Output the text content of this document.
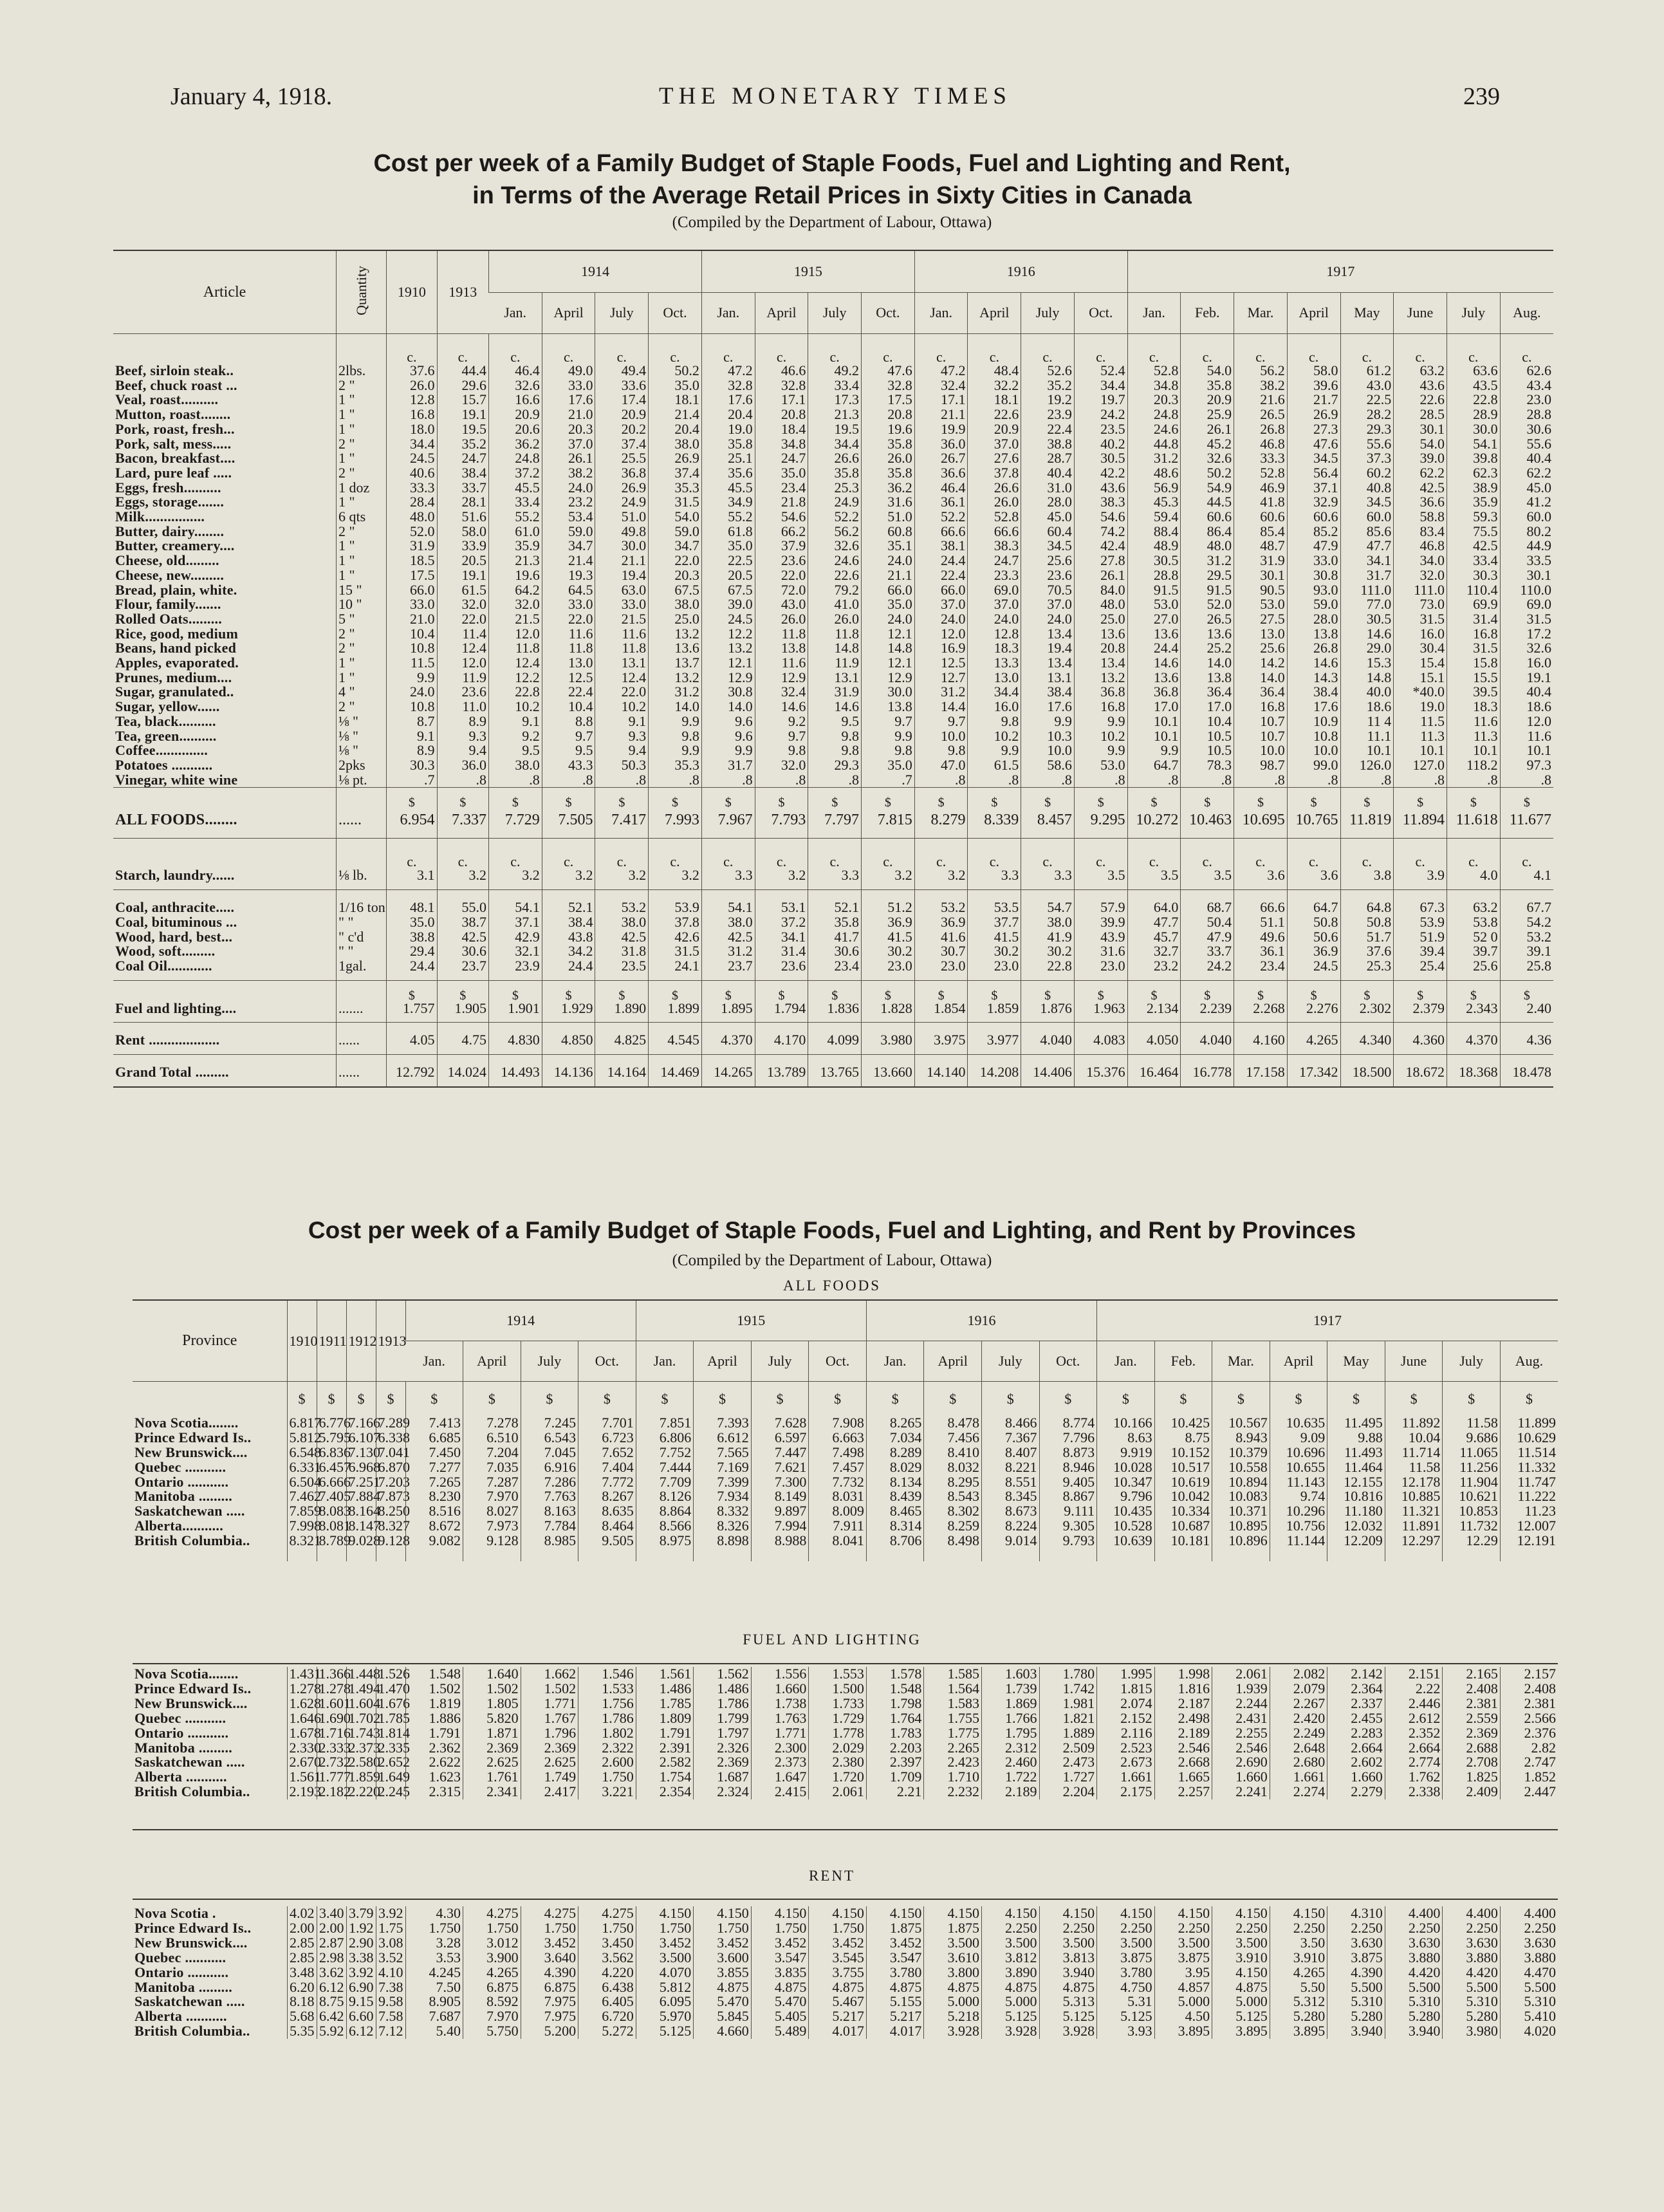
January 4, 1918.	THE MONETARY TIMES	239
Cost per week of a Family Budget of Staple Foods, Fuel and Lighting and Rent,
in Terms of the Average Retail Prices in Sixty Cities in Canada
(Compiled by the Department of Labour, Ottawa)
Article	Quantity	1910	1913	1914				1915				1916				1917							
				Jan.	April	July	Oct.	Jan.	April	July	Oct.	Jan.	April	July	Oct.	Jan.	Feb.	Mar.	April	May	June	July	Aug.
		c.	c.	c.	c.	c.	c.	c.	c.	c.	c.	c.	c.	c.	c.	c.	c.	c.	c.	c.	c.	c.	c.
Beef, sirloin steak..	2lbs.	37.6	44.4	46.4	49.0	49.4	50.2	47.2	46.6	49.2	47.6	47.2	48.4	52.6	52.4	52.8	54.0	56.2	58.0	61.2	63.2	63.6	62.6
Beef, chuck roast ...	2 "	26.0	29.6	32.6	33.0	33.6	35.0	32.8	32.8	33.4	32.8	32.4	32.2	35.2	34.4	34.8	35.8	38.2	39.6	43.0	43.6	43.5	43.4
Veal, roast..........	1 "	12.8	15.7	16.6	17.6	17.4	18.1	17.6	17.1	17.3	17.5	17.1	18.1	19.2	19.7	20.3	20.9	21.6	21.7	22.5	22.6	22.8	23.0
Mutton, roast........	1 "	16.8	19.1	20.9	21.0	20.9	21.4	20.4	20.8	21.3	20.8	21.1	22.6	23.9	24.2	24.8	25.9	26.5	26.9	28.2	28.5	28.9	28.8
Pork, roast, fresh...	1 "	18.0	19.5	20.6	20.3	20.2	20.4	19.0	18.4	19.5	19.6	19.9	20.9	22.4	23.5	24.6	26.1	26.8	27.3	29.3	30.1	30.0	30.6
Pork, salt, mess.....	2 "	34.4	35.2	36.2	37.0	37.4	38.0	35.8	34.8	34.4	35.8	36.0	37.0	38.8	40.2	44.8	45.2	46.8	47.6	55.6	54.0	54.1	55.6
Bacon, breakfast....	1 "	24.5	24.7	24.8	26.1	25.5	26.9	25.1	24.7	26.6	26.0	26.7	27.6	28.7	30.5	31.2	32.6	33.3	34.5	37.3	39.0	39.8	40.4
Lard, pure leaf .....	2 "	40.6	38.4	37.2	38.2	36.8	37.4	35.6	35.0	35.8	35.8	36.6	37.8	40.4	42.2	48.6	50.2	52.8	56.4	60.2	62.2	62.3	62.2
Eggs, fresh..........	1 doz	33.3	33.7	45.5	24.0	26.9	35.3	45.5	23.4	25.3	36.2	46.4	26.6	31.0	43.6	56.9	54.9	46.9	37.1	40.8	42.5	38.9	45.0
Eggs, storage.......	1 "	28.4	28.1	33.4	23.2	24.9	31.5	34.9	21.8	24.9	31.6	36.1	26.0	28.0	38.3	45.3	44.5	41.8	32.9	34.5	36.6	35.9	41.2
Milk................	6 qts	48.0	51.6	55.2	53.4	51.0	54.0	55.2	54.6	52.2	51.0	52.2	52.8	45.0	54.6	59.4	60.6	60.6	60.6	60.0	58.8	59.3	60.0
Butter, dairy........	2 "	52.0	58.0	61.0	59.0	49.8	59.0	61.8	66.2	56.2	60.8	66.6	66.6	60.4	74.2	88.4	86.4	85.4	85.2	85.6	83.4	75.5	80.2
Butter, creamery....	1 "	31.9	33.9	35.9	34.7	30.0	34.7	35.0	37.9	32.6	35.1	38.1	38.3	34.5	42.4	48.9	48.0	48.7	47.9	47.7	46.8	42.5	44.9
Cheese, old.........	1 "	18.5	20.5	21.3	21.4	21.1	22.0	22.5	23.6	24.6	24.0	24.4	24.7	25.6	27.8	30.5	31.2	31.9	33.0	34.1	34.0	33.4	33.5
Cheese, new.........	1 "	17.5	19.1	19.6	19.3	19.4	20.3	20.5	22.0	22.6	21.1	22.4	23.3	23.6	26.1	28.8	29.5	30.1	30.8	31.7	32.0	30.3	30.1
Bread, plain, white.	15 "	66.0	61.5	64.2	64.5	63.0	67.5	67.5	72.0	79.2	66.0	66.0	69.0	70.5	84.0	91.5	91.5	90.5	93.0	111.0	111.0	110.4	110.0
Flour, family.......	10 "	33.0	32.0	32.0	33.0	33.0	38.0	39.0	43.0	41.0	35.0	37.0	37.0	37.0	48.0	53.0	52.0	53.0	59.0	77.0	73.0	69.9	69.0
Rolled Oats.........	5 "	21.0	22.0	21.5	22.0	21.5	25.0	24.5	26.0	26.0	24.0	24.0	24.0	24.0	25.0	27.0	26.5	27.5	28.0	30.5	31.5	31.4	31.5
Rice, good, medium	2 "	10.4	11.4	12.0	11.6	11.6	13.2	12.2	11.8	11.8	12.1	12.0	12.8	13.4	13.6	13.6	13.6	13.0	13.8	14.6	16.0	16.8	17.2
Beans, hand picked	2 "	10.8	12.4	11.8	11.8	11.8	13.6	13.2	13.8	14.8	14.8	16.9	18.3	19.4	20.8	24.4	25.2	25.6	26.8	29.0	30.4	31.5	32.6
Apples, evaporated.	1 "	11.5	12.0	12.4	13.0	13.1	13.7	12.1	11.6	11.9	12.1	12.5	13.3	13.4	13.4	14.6	14.0	14.2	14.6	15.3	15.4	15.8	16.0
Prunes, medium....	1 "	9.9	11.9	12.2	12.5	12.4	13.2	12.9	12.9	13.1	12.9	12.7	13.0	13.1	13.2	13.6	13.8	14.0	14.3	14.8	15.1	15.5	19.1
Sugar, granulated..	4 "	24.0	23.6	22.8	22.4	22.0	31.2	30.8	32.4	31.9	30.0	31.2	34.4	38.4	36.8	36.8	36.4	36.4	38.4	40.0	*40.0	39.5	40.4
Sugar, yellow......	2 "	10.8	11.0	10.2	10.4	10.2	14.0	14.0	14.6	14.6	13.8	14.4	16.0	17.6	16.8	17.0	17.0	16.8	17.6	18.6	19.0	18.3	18.6
Tea, black..........	⅛ "	8.7	8.9	9.1	8.8	9.1	9.9	9.6	9.2	9.5	9.7	9.7	9.8	9.9	9.9	10.1	10.4	10.7	10.9	11 4	11.5	11.6	12.0
Tea, green..........	⅛ "	9.1	9.3	9.2	9.7	9.3	9.8	9.6	9.7	9.8	9.9	10.0	10.2	10.3	10.2	10.1	10.5	10.7	10.8	11.1	11.3	11.3	11.6
Coffee..............	⅛ "	8.9	9.4	9.5	9.5	9.4	9.9	9.9	9.8	9.8	9.8	9.8	9.9	10.0	9.9	9.9	10.5	10.0	10.0	10.1	10.1	10.1	10.1
Potatoes ...........	2pks	30.3	36.0	38.0	43.3	50.3	35.3	31.7	32.0	29.3	35.0	47.0	61.5	58.6	53.0	64.7	78.3	98.7	99.0	126.0	127.0	118.2	97.3
Vinegar, white wine	⅛ pt.	.7	.8	.8	.8	.8	.8	.8	.8	.8	.7	.8	.8	.8	.8	.8	.8	.8	.8	.8	.8	.8	.8
		$	$	$	$	$	$	$	$	$	$	$	$	$	$	$	$	$	$	$	$	$	$
ALL FOODS........	......	6.954	7.337	7.729	7.505	7.417	7.993	7.967	7.793	7.797	7.815	8.279	8.339	8.457	9.295	10.272	10.463	10.695	10.765	11.819	11.894	11.618	11.677
		c.	c.	c.	c.	c.	c.	c.	c.	c.	c.	c.	c.	c.	c.	c.	c.	c.	c.	c.	c.	c.	c.
Starch, laundry......	⅛ lb.	3.1	3.2	3.2	3.2	3.2	3.2	3.3	3.2	3.3	3.2	3.2	3.3	3.3	3.5	3.5	3.5	3.6	3.6	3.8	3.9	4.0	4.1
Coal, anthracite.....	1/16 ton	48.1	55.0	54.1	52.1	53.2	53.9	54.1	53.1	52.1	51.2	53.2	53.5	54.7	57.9	64.0	68.7	66.6	64.7	64.8	67.3	63.2	67.7
Coal, bituminous ...	" "	35.0	38.7	37.1	38.4	38.0	37.8	38.0	37.2	35.8	36.9	36.9	37.7	38.0	39.9	47.7	50.4	51.1	50.8	50.8	53.9	53.8	54.2
Wood, hard, best...	" c'd	38.8	42.5	42.9	43.8	42.5	42.6	42.5	34.1	41.7	41.5	41.6	41.5	41.9	43.9	45.7	47.9	49.6	50.6	51.7	51.9	52 0	53.2
Wood, soft.........	" "	29.4	30.6	32.1	34.2	31.8	31.5	31.2	31.4	30.6	30.2	30.7	30.2	30.2	31.6	32.7	33.7	36.1	36.9	37.6	39.4	39.7	39.1
Coal Oil............	1gal.	24.4	23.7	23.9	24.4	23.5	24.1	23.7	23.6	23.4	23.0	23.0	23.0	22.8	23.0	23.2	24.2	23.4	24.5	25.3	25.4	25.6	25.8
		$	$	$	$	$	$	$	$	$	$	$	$	$	$	$	$	$	$	$	$	$	$
Fuel and lighting....	.......	1.757	1.905	1.901	1.929	1.890	1.899	1.895	1.794	1.836	1.828	1.854	1.859	1.876	1.963	2.134	2.239	2.268	2.276	2.302	2.379	2.343	2.40
Rent ...................	......	4.05	4.75	4.830	4.850	4.825	4.545	4.370	4.170	4.099	3.980	3.975	3.977	4.040	4.083	4.050	4.040	4.160	4.265	4.340	4.360	4.370	4.36
Grand Total .........	......	12.792	14.024	14.493	14.136	14.164	14.469	14.265	13.789	13.765	13.660	14.140	14.208	14.406	15.376	16.464	16.778	17.158	17.342	18.500	18.672	18.368	18.478
Cost per week of a Family Budget of Staple Foods, Fuel and Lighting, and Rent by Provinces
(Compiled by the Department of Labour, Ottawa)
ALL FOODS
Province	1910	1911	1912	1913	1914				1915				1916				1917							
					Jan.	April	July	Oct.	Jan.	April	July	Oct.	Jan.	April	July	Oct.	Jan.	Feb.	Mar.	April	May	June	July	Aug.
	$	$	$	$	$	$	$	$	$	$	$	$	$	$	$	$	$	$	$	$	$	$	$	$
Nova Scotia........	6.817	6.776	7.166	7.289	7.413	7.278	7.245	7.701	7.851	7.393	7.628	7.908	8.265	8.478	8.466	8.774	10.166	10.425	10.567	10.635	11.495	11.892	11.58	11.899
Prince Edward Is..	5.812	5.795	6.107	6.338	6.685	6.510	6.543	6.723	6.806	6.612	6.597	6.663	7.034	7.456	7.367	7.796	8.63	8.75	8.943	9.09	9.88	10.04	9.686	10.629
New Brunswick....	6.548	6.836	7.130	7.041	7.450	7.204	7.045	7.652	7.752	7.565	7.447	7.498	8.289	8.410	8.407	8.873	9.919	10.152	10.379	10.696	11.493	11.714	11.065	11.514
Quebec ...........	6.331	6.457	6.968	6.870	7.277	7.035	6.916	7.404	7.444	7.169	7.621	7.457	8.029	8.032	8.221	8.946	10.028	10.517	10.558	10.655	11.464	11.58	11.256	11.332
Ontario ...........	6.504	6.666	7.251	7.203	7.265	7.287	7.286	7.772	7.709	7.399	7.300	7.732	8.134	8.295	8.551	9.405	10.347	10.619	10.894	11.143	12.155	12.178	11.904	11.747
Manitoba .........	7.462	7.405	7.884	7.873	8.230	7.970	7.763	8.267	8.126	7.934	8.149	8.031	8.439	8.543	8.345	8.867	9.796	10.042	10.083	9.74	10.816	10.885	10.621	11.222
Saskatchewan .....	7.859	8.083	8.164	8.250	8.516	8.027	8.163	8.635	8.864	8.332	9.897	8.009	8.465	8.302	8.673	9.111	10.435	10.334	10.371	10.296	11.180	11.321	10.853	11.23
Alberta...........	7.998	8.081	8.147	8.327	8.672	7.973	7.784	8.464	8.566	8.326	7.994	7.911	8.314	8.259	8.224	9.305	10.528	10.687	10.895	10.756	12.032	11.891	11.732	12.007
British Columbia..	8.321	8.789	9.028	9.128	9.082	9.128	8.985	9.505	8.975	8.898	8.988	8.041	8.706	8.498	9.014	9.793	10.639	10.181	10.896	11.144	12.209	12.297	12.29	12.191

FUEL AND LIGHTING
Nova Scotia........	1.431	1.366	1.448	1.526	1.548	1.640	1.662	1.546	1.561	1.562	1.556	1.553	1.578	1.585	1.603	1.780	1.995	1.998	2.061	2.082	2.142	2.151	2.165	2.157
Prince Edward Is..	1.278	1.278	1.494	1.470	1.502	1.502	1.502	1.533	1.486	1.486	1.660	1.500	1.548	1.564	1.739	1.742	1.815	1.816	1.939	2.079	2.364	2.22	2.408	2.408
New Brunswick....	1.628	1.601	1.604	1.676	1.819	1.805	1.771	1.756	1.785	1.786	1.738	1.733	1.798	1.583	1.869	1.981	2.074	2.187	2.244	2.267	2.337	2.446	2.381	2.381
Quebec ...........	1.646	1.690	1.702	1.785	1.886	5.820	1.767	1.786	1.809	1.799	1.763	1.729	1.764	1.755	1.766	1.821	2.152	2.498	2.431	2.420	2.455	2.612	2.559	2.566
Ontario ...........	1.678	1.716	1.743	1.814	1.791	1.871	1.796	1.802	1.791	1.797	1.771	1.778	1.783	1.775	1.795	1.889	2.116	2.189	2.255	2.249	2.283	2.352	2.369	2.376
Manitoba .........	2.330	2.333	2.373	2.335	2.362	2.369	2.369	2.322	2.391	2.326	2.300	2.029	2.203	2.265	2.312	2.509	2.523	2.546	2.546	2.648	2.664	2.664	2.688	2.82
Saskatchewan .....	2.670	2.732	2.580	2.652	2.622	2.625	2.625	2.600	2.582	2.369	2.373	2.380	2.397	2.423	2.460	2.473	2.673	2.668	2.690	2.680	2.602	2.774	2.708	2.747
Alberta ...........	1.561	1.777	1.859	1.649	1.623	1.761	1.749	1.750	1.754	1.687	1.647	1.720	1.709	1.710	1.722	1.727	1.661	1.665	1.660	1.661	1.660	1.762	1.825	1.852
British Columbia..	2.193	2.182	2.220	2.245	2.315	2.341	2.417	3.221	2.354	2.324	2.415	2.061	2.21	2.232	2.189	2.204	2.175	2.257	2.241	2.274	2.279	2.338	2.409	2.447
RENT
Nova Scotia .	4.02	3.40	3.79	3.92	4.30	4.275	4.275	4.275	4.150	4.150	4.150	4.150	4.150	4.150	4.150	4.150	4.150	4.150	4.150	4.150	4.310	4.400	4.400	4.400
Prince Edward Is..	2.00	2.00	1.92	1.75	1.750	1.750	1.750	1.750	1.750	1.750	1.750	1.750	1.875	1.875	2.250	2.250	2.250	2.250	2.250	2.250	2.250	2.250	2.250	2.250
New Brunswick....	2.85	2.87	2.90	3.08	3.28	3.012	3.452	3.450	3.452	3.452	3.452	3.452	3.452	3.500	3.500	3.500	3.500	3.500	3.500	3.50	3.630	3.630	3.630	3.630
Quebec ...........	2.85	2.98	3.38	3.52	3.53	3.900	3.640	3.562	3.500	3.600	3.547	3.545	3.547	3.610	3.812	3.813	3.875	3.875	3.910	3.910	3.875	3.880	3.880	3.880
Ontario ...........	3.48	3.62	3.92	4.10	4.245	4.265	4.390	4.220	4.070	3.855	3.835	3.755	3.780	3.800	3.890	3.940	3.780	3.95	4.150	4.265	4.390	4.420	4.420	4.470
Manitoba .........	6.20	6.12	6.90	7.38	7.50	6.875	6.875	6.438	5.812	4.875	4.875	4.875	4.875	4.875	4.875	4.875	4.750	4.857	4.875	5.50	5.500	5.500	5.500	5.500
Saskatchewan .....	8.18	8.75	9.15	9.58	8.905	8.592	7.975	6.405	6.095	5.470	5.470	5.467	5.155	5.000	5.000	5.313	5.31	5.000	5.000	5.312	5.310	5.310	5.310	5.310
Alberta ...........	5.68	6.42	6.60	7.58	7.687	7.970	7.975	6.720	5.970	5.845	5.405	5.217	5.217	5.218	5.125	5.125	5.125	4.50	5.125	5.280	5.280	5.280	5.280	5.410
British Columbia..	5.35	5.92	6.12	7.12	5.40	5.750	5.200	5.272	5.125	4.660	5.489	4.017	4.017	3.928	3.928	3.928	3.93	3.895	3.895	3.895	3.940	3.940	3.980	4.020
